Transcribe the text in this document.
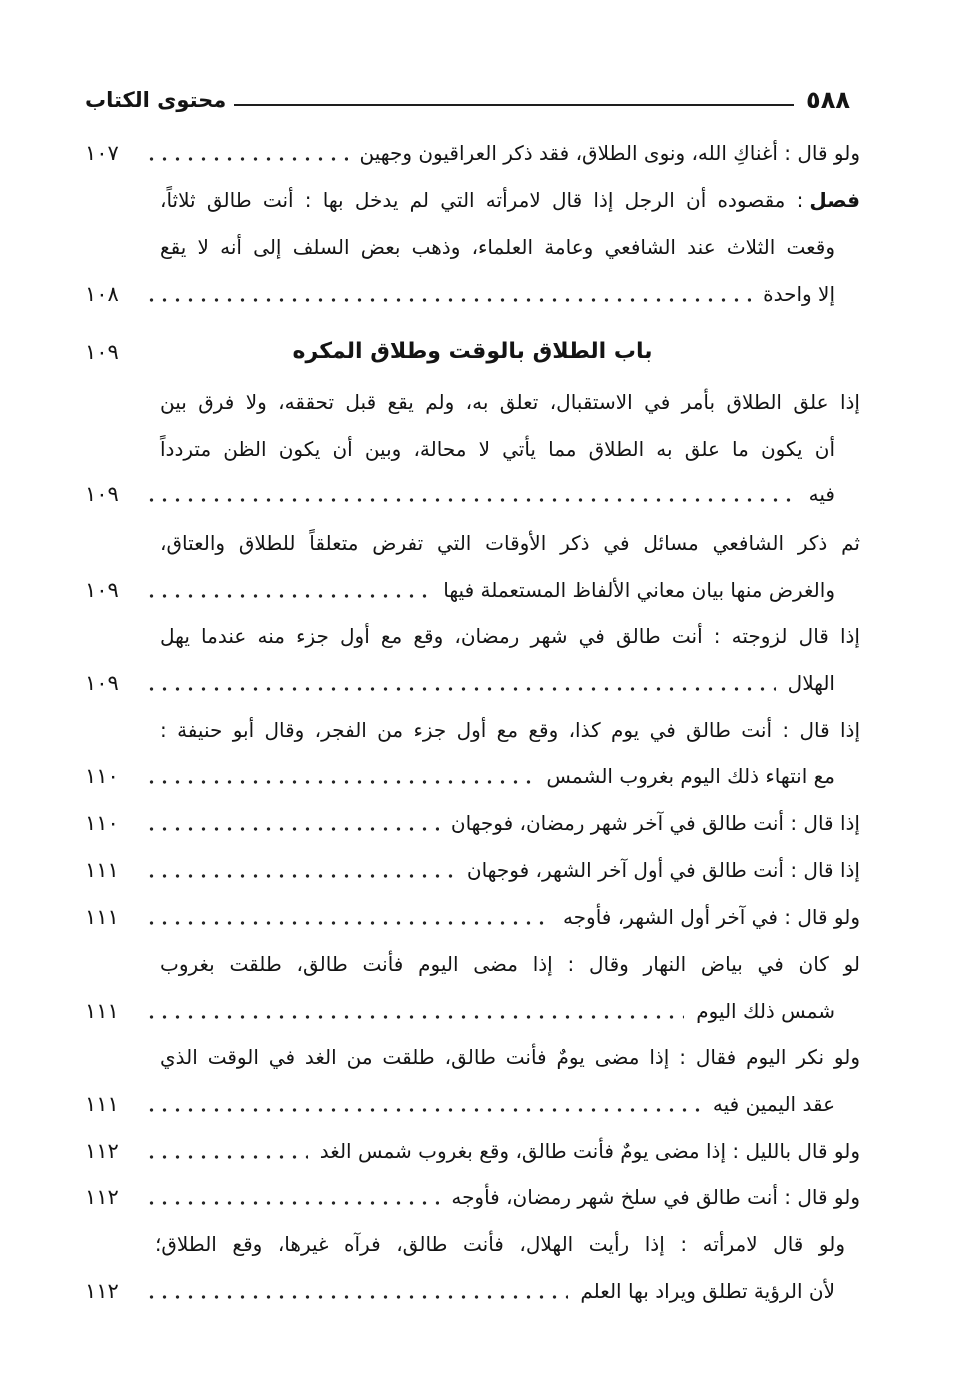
٥٨٨
محتوى الكتاب
ولو قال : أغناكِ الله، ونوى الطلاق، فقد ذكر العراقيون وجهين
١٠٧
فصل: مقصوده أن الرجل إذا قال لامرأته التي لم يدخل بها : أنت طالق ثلاثاً،
وقعت الثلاث عند الشافعي وعامة العلماء، وذهب بعض السلف إلى أنه لا يقع
إلا واحدة
١٠٨
باب الطلاق بالوقت وطلاق المكره
١٠٩
إذا علق الطلاق بأمر في الاستقبال، تعلق به، ولم يقع قبل تحققه، ولا فرق بين
أن يكون ما علق به الطلاق مما يأتي لا محالة، وبين أن يكون الظن متردداً
فيه
١٠٩
ثم ذكر الشافعي مسائل في ذكر الأوقات التي تفرض متعلقاً للطلاق والعتاق،
والغرض منها بيان معاني الألفاظ المستعملة فيها
١٠٩
إذا قال لزوجته : أنت طالق في شهر رمضان، وقع مع أول جزء منه عندما يهل
الهلال
١٠٩
إذا قال : أنت طالق في يوم كذا، وقع مع أول جزء من الفجر، وقال أبو حنيفة :
مع انتهاء ذلك اليوم بغروب الشمس
١١٠
إذا قال : أنت طالق في آخر شهر رمضان، فوجهان
١١٠
إذا قال : أنت طالق في أول آخر الشهر، فوجهان
١١١
ولو قال : في آخر أول الشهر، فأوجه
١١١
لو كان في بياض النهار وقال : إذا مضى اليوم فأنت طالق، طلقت بغروب
شمس ذلك اليوم
١١١
ولو نكر اليوم فقال : إذا مضى يومٌ فأنت طالق، طلقت من الغد في الوقت الذي
عقد اليمين فيه
١١١
ولو قال بالليل : إذا مضى يومٌ فأنت طالق، وقع بغروب شمس الغد
١١٢
ولو قال : أنت طالق في سلخ شهر رمضان، فأوجه
١١٢
ولو قال لامرأته : إذا رأيت الهلال، فأنت طالق، فرآه غيرها، وقع الطلاق؛
لأن الرؤية تطلق ويراد بها العلم
١١٢
